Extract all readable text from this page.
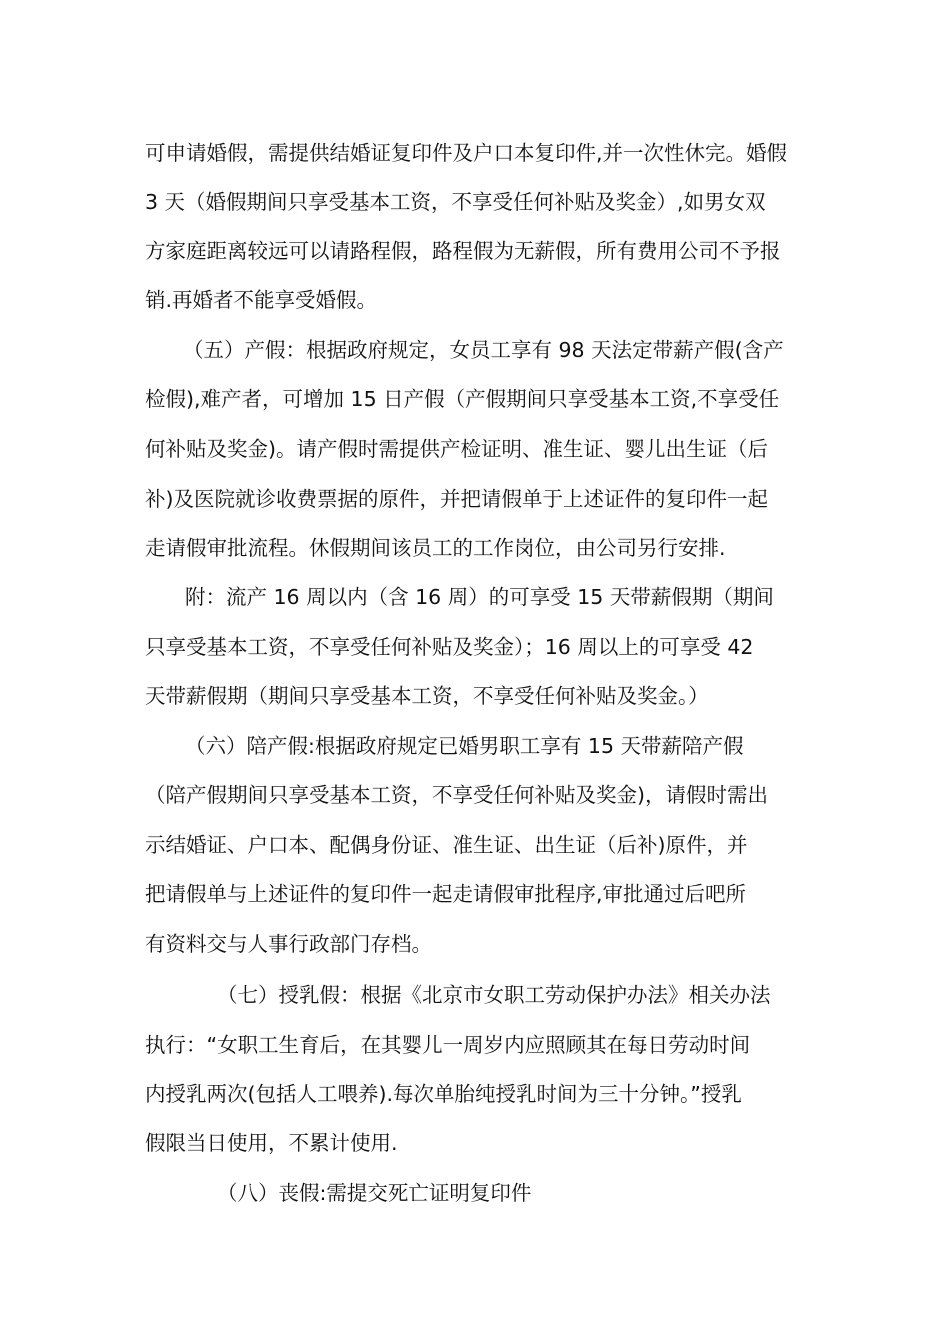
可申请婚假，需提供结婚证复印件及户口本复印件,并一次性休完。婚假
3 天（婚假期间只享受基本工资，不享受任何补贴及奖金）,如男女双
方家庭距离较远可以请路程假，路程假为无薪假，所有费用公司不予报
销.再婚者不能享受婚假。
（五）产假：根据政府规定，女员工享有 98 天法定带薪产假(含产
检假),难产者，可增加 15 日产假（产假期间只享受基本工资,不享受任
何补贴及奖金)。请产假时需提供产检证明、准生证、婴儿出生证（后
补)及医院就诊收费票据的原件，并把请假单于上述证件的复印件一起
走请假审批流程。休假期间该员工的工作岗位，由公司另行安排.
附：流产 16 周以内（含 16 周）的可享受 15 天带薪假期（期间
只享受基本工资，不享受任何补贴及奖金）；16 周以上的可享受 42
天带薪假期（期间只享受基本工资，不享受任何补贴及奖金。）
（六）陪产假:根据政府规定已婚男职工享有 15 天带薪陪产假
（陪产假期间只享受基本工资，不享受任何补贴及奖金)，请假时需出
示结婚证、户口本、配偶身份证、准生证、出生证（后补)原件，并
把请假单与上述证件的复印件一起走请假审批程序,审批通过后吧所
有资料交与人事行政部门存档。
（七）授乳假：根据《北京市女职工劳动保护办法》相关办法
执行：“女职工生育后，在其婴儿一周岁内应照顾其在每日劳动时间
内授乳两次(包括人工喂养).每次单胎纯授乳时间为三十分钟。”授乳
假限当日使用，不累计使用.
（八）丧假:需提交死亡证明复印件
